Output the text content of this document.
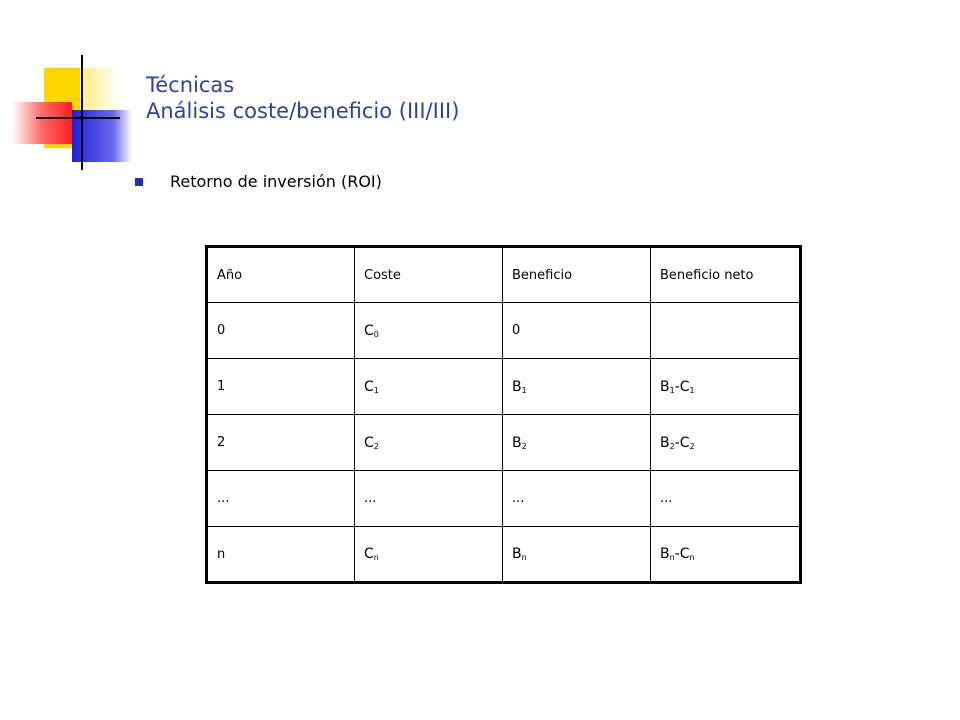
Técnicas
Análisis coste/beneficio (III/III)
Retorno de inversión (ROI)
Año	Coste	Beneficio	Beneficio neto
0	$C_0$	0	
1	$C_1$	$B_1$	$B_1-C_1$
2	$C_2$	$B_2$	$B_2-C_2$
...	...	...	...
n	$C_n$	$B_n$	$B_n-C_n$
